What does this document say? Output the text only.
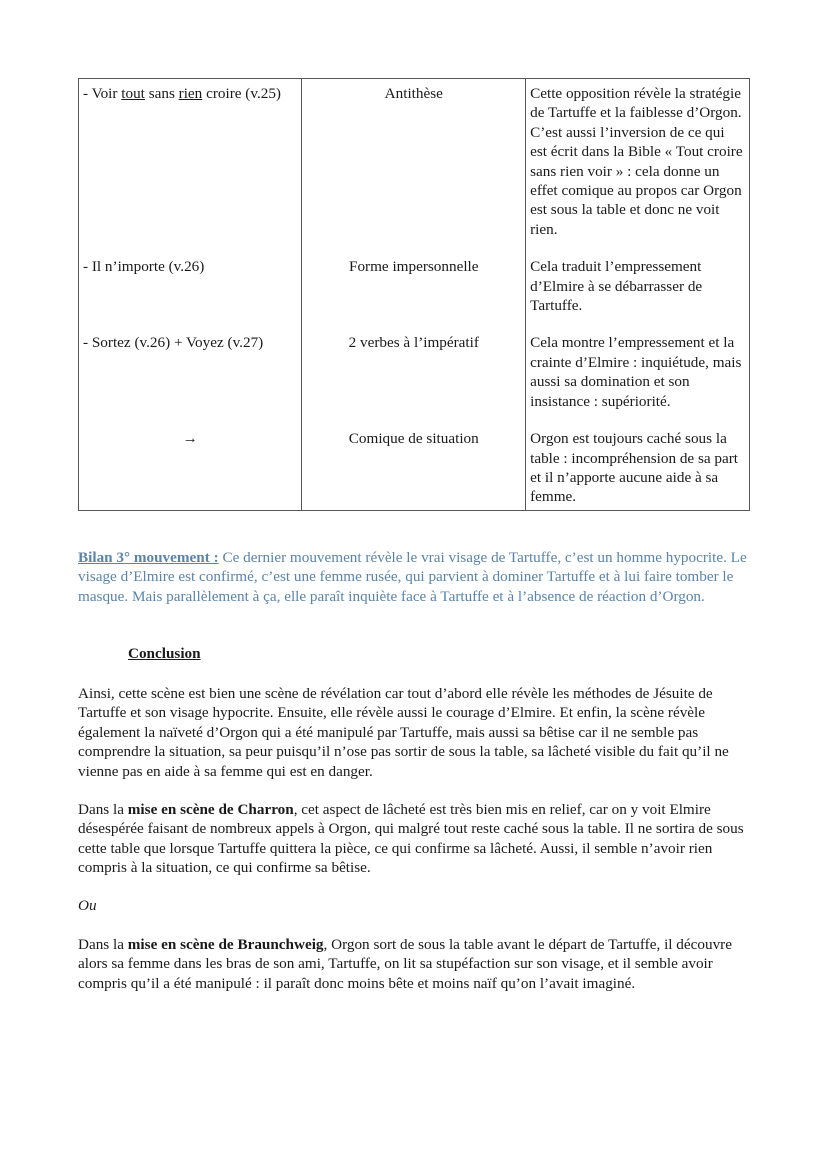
- Voir tout sans rien croire (v.25)	Antithèse	Cette opposition révèle la stratégie de Tartuffe et la faiblesse d’Orgon. C’est aussi l’inversion de ce qui est écrit dans la Bible « Tout croire sans rien voir » : cela donne un effet comique au propos car Orgon est sous la table et donc ne voit rien.
- Il n’importe (v.26)	Forme impersonnelle	Cela traduit l’empressement d’Elmire à se débarrasser de Tartuffe.
- Sortez (v.26) + Voyez (v.27)	2 verbes à l’impératif	Cela montre l’empressement et la crainte d’Elmire : inquiétude, mais aussi sa domination et son insistance : supériorité.
→	Comique de situation	Orgon est toujours caché sous la table : incompréhension de sa part et il n’apporte aucune aide à sa femme.
Bilan 3° mouvement : Ce dernier mouvement révèle le vrai visage de Tartuffe, c’est un homme hypocrite. Le visage d’Elmire est confirmé, c’est une femme rusée, qui parvient à dominer Tartuffe et à lui faire tomber le masque. Mais parallèlement à ça, elle paraît inquiète face à Tartuffe et à l’absence de réaction d’Orgon.
Conclusion
Ainsi, cette scène est bien une scène de révélation car tout d’abord elle révèle les méthodes de Jésuite de Tartuffe et son visage hypocrite. Ensuite, elle révèle aussi le courage d’Elmire. Et enfin, la scène révèle également la naïveté d’Orgon qui a été manipulé par Tartuffe, mais aussi sa bêtise car il ne semble pas comprendre la situation, sa peur puisqu’il n’ose pas sortir de sous la table, sa lâcheté visible du fait qu’il ne vienne pas en aide à sa femme qui est en danger.
Dans la mise en scène de Charron, cet aspect de lâcheté est très bien mis en relief, car on y voit Elmire désespérée faisant de nombreux appels à Orgon, qui malgré tout reste caché sous la table. Il ne sortira de sous cette table que lorsque Tartuffe quittera la pièce, ce qui confirme sa lâcheté. Aussi, il semble n’avoir rien compris à la situation, ce qui confirme sa bêtise.
Ou
Dans la mise en scène de Braunchweig, Orgon sort de sous la table avant le départ de Tartuffe, il découvre alors sa femme dans les bras de son ami, Tartuffe, on lit sa stupéfaction sur son visage, et il semble avoir compris qu’il a été manipulé : il paraît donc moins bête et moins naïf qu’on l’avait imaginé.
